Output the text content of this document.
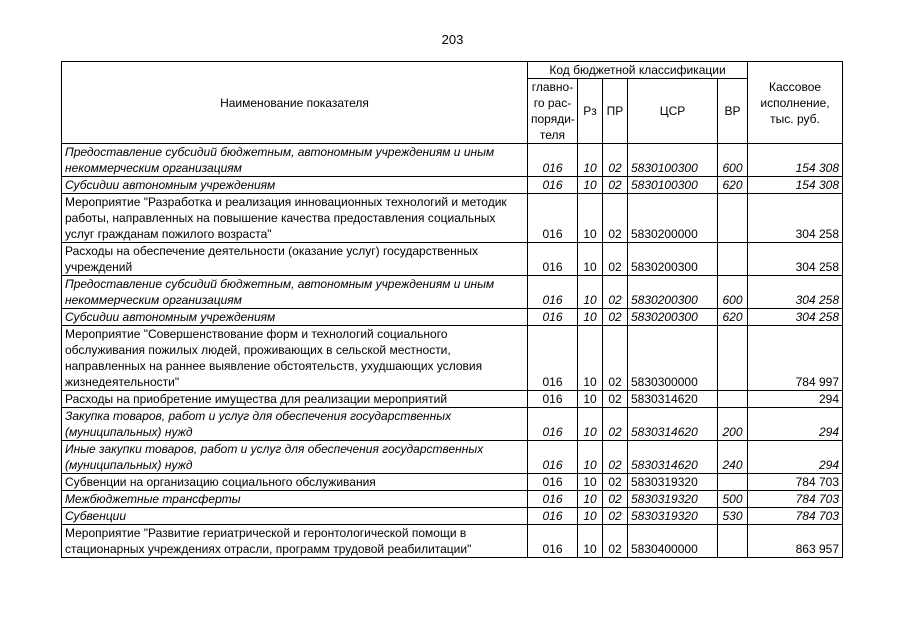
203
Наименование показателя	Код бюджетной классификации					Кассовое исполнение, тыс. руб.
	главно-го рас-поряди-теля	Рз	ПР	ЦСР	ВР	
Предоставление субсидий бюджетным, автономным учреждениям и иным некоммерческим организациям	016	10	02	5830100300	600	154 308
Субсидии автономным учреждениям	016	10	02	5830100300	620	154 308
Мероприятие "Разработка и реализация инновационных технологий и методик работы, направленных на повышение качества предоставления социальных услуг гражданам пожилого возраста"	016	10	02	5830200000		304 258
Расходы на обеспечение деятельности (оказание услуг) государственных учреждений	016	10	02	5830200300		304 258
Предоставление субсидий бюджетным, автономным учреждениям и иным некоммерческим организациям	016	10	02	5830200300	600	304 258
Субсидии автономным учреждениям	016	10	02	5830200300	620	304 258
Мероприятие "Совершенствование форм и технологий социального обслуживания пожилых людей, проживающих в сельской местности, направленных на раннее выявление обстоятельств, ухудшающих условия жизнедеятельности"	016	10	02	5830300000		784 997
Расходы на приобретение имущества для реализации мероприятий	016	10	02	5830314620		294
Закупка товаров, работ и услуг для обеспечения государственных (муниципальных) нужд	016	10	02	5830314620	200	294
Иные закупки товаров, работ и услуг для обеспечения государственных (муниципальных) нужд	016	10	02	5830314620	240	294
Субвенции на организацию социального обслуживания	016	10	02	5830319320		784 703
Межбюджетные трансферты	016	10	02	5830319320	500	784 703
Субвенции	016	10	02	5830319320	530	784 703
Мероприятие "Развитие гериатрической и геронтологической помощи в стационарных учреждениях отрасли, программ трудовой реабилитации"	016	10	02	5830400000		863 957
